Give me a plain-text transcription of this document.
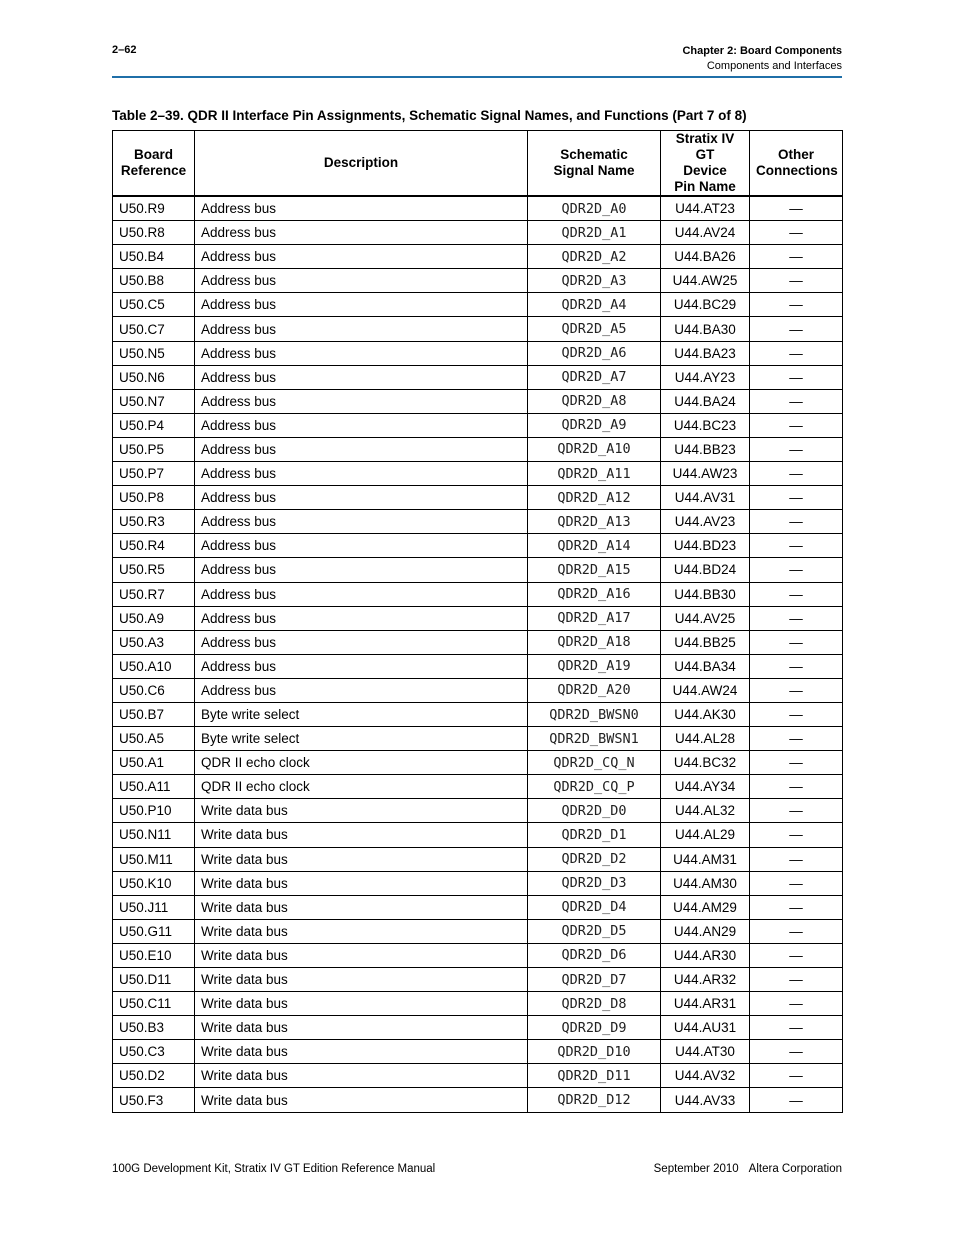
2–62	Chapter 2: Board Components
Components and Interfaces
Table 2–39. QDR II Interface Pin Assignments, Schematic Signal Names, and Functions (Part 7 of 8)
Board
Reference	Description	Schematic
Signal Name	Stratix IV GT
Device
Pin Name	Other
Connections
U50.R9	Address bus	QDR2D_A0	U44.AT23	—
U50.R8	Address bus	QDR2D_A1	U44.AV24	—
U50.B4	Address bus	QDR2D_A2	U44.BA26	—
U50.B8	Address bus	QDR2D_A3	U44.AW25	—
U50.C5	Address bus	QDR2D_A4	U44.BC29	—
U50.C7	Address bus	QDR2D_A5	U44.BA30	—
U50.N5	Address bus	QDR2D_A6	U44.BA23	—
U50.N6	Address bus	QDR2D_A7	U44.AY23	—
U50.N7	Address bus	QDR2D_A8	U44.BA24	—
U50.P4	Address bus	QDR2D_A9	U44.BC23	—
U50.P5	Address bus	QDR2D_A10	U44.BB23	—
U50.P7	Address bus	QDR2D_A11	U44.AW23	—
U50.P8	Address bus	QDR2D_A12	U44.AV31	—
U50.R3	Address bus	QDR2D_A13	U44.AV23	—
U50.R4	Address bus	QDR2D_A14	U44.BD23	—
U50.R5	Address bus	QDR2D_A15	U44.BD24	—
U50.R7	Address bus	QDR2D_A16	U44.BB30	—
U50.A9	Address bus	QDR2D_A17	U44.AV25	—
U50.A3	Address bus	QDR2D_A18	U44.BB25	—
U50.A10	Address bus	QDR2D_A19	U44.BA34	—
U50.C6	Address bus	QDR2D_A20	U44.AW24	—
U50.B7	Byte write select	QDR2D_BWSN0	U44.AK30	—
U50.A5	Byte write select	QDR2D_BWSN1	U44.AL28	—
U50.A1	QDR II echo clock	QDR2D_CQ_N	U44.BC32	—
U50.A11	QDR II echo clock	QDR2D_CQ_P	U44.AY34	—
U50.P10	Write data bus	QDR2D_D0	U44.AL32	—
U50.N11	Write data bus	QDR2D_D1	U44.AL29	—
U50.M11	Write data bus	QDR2D_D2	U44.AM31	—
U50.K10	Write data bus	QDR2D_D3	U44.AM30	—
U50.J11	Write data bus	QDR2D_D4	U44.AM29	—
U50.G11	Write data bus	QDR2D_D5	U44.AN29	—
U50.E10	Write data bus	QDR2D_D6	U44.AR30	—
U50.D11	Write data bus	QDR2D_D7	U44.AR32	—
U50.C11	Write data bus	QDR2D_D8	U44.AR31	—
U50.B3	Write data bus	QDR2D_D9	U44.AU31	—
U50.C3	Write data bus	QDR2D_D10	U44.AT30	—
U50.D2	Write data bus	QDR2D_D11	U44.AV32	—
U50.F3	Write data bus	QDR2D_D12	U44.AV33	—
100G Development Kit, Stratix IV GT Edition Reference Manual	September 2010 Altera Corporation
